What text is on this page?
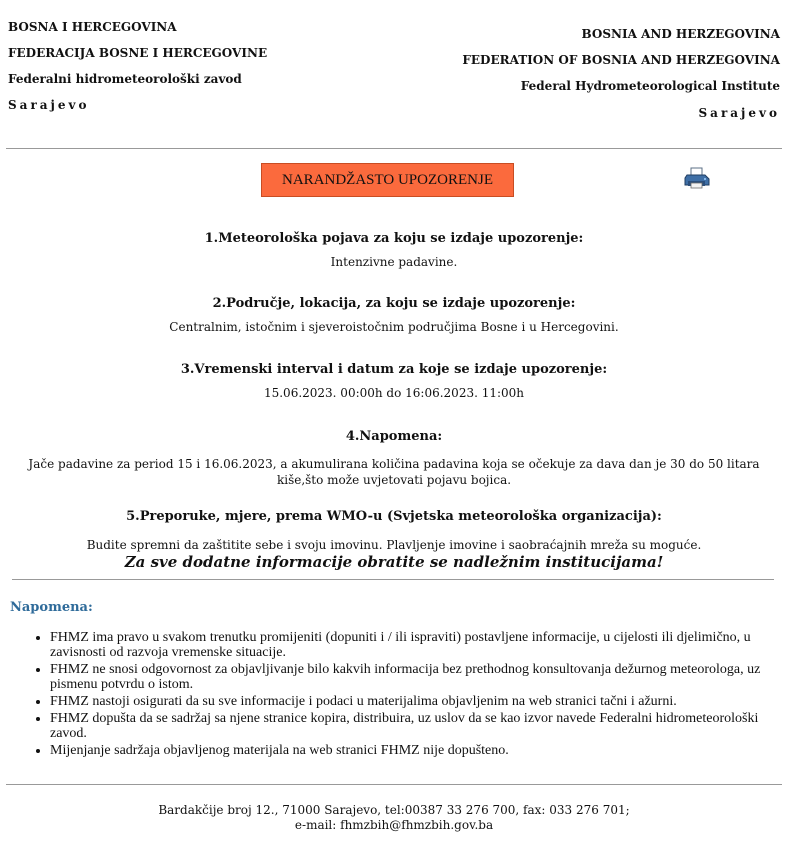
BOSNA I HERCEGOVINA
FEDERACIJA BOSNE I HERCEGOVINE
Federalni hidrometeorološki zavod
Sarajevo
BOSNIA AND HERZEGOVINA
FEDERATION OF BOSNIA AND HERZEGOVINA
Federal Hydrometeorological Institute
Sarajevo
NARANDŽASTO UPOZORENJE
1.Meteorološka pojava za koju se izdaje upozorenje:
Intenzivne padavine.
2.Područje, lokacija, za koju se izdaje upozorenje:
Centralnim, istočnim i sjeveroistočnim područjima Bosne i u Hercegovini.
3.Vremenski interval i datum za koje se izdaje upozorenje:
15.06.2023. 00:00h do 16:06.2023. 11:00h
4.Napomena:
Jače padavine za period 15 i 16.06.2023, a akumulirana količina padavina koja se očekuje za dava dan je 30 do 50 litara kiše,što može uvjetovati pojavu bojica.
5.Preporuke, mjere, prema WMO-u (Svjetska meteorološka organizacija):
Budite spremni da zaštitite sebe i svoju imovinu. Plavljenje imovine i saobraćajnih mreža su moguće.
Za sve dodatne informacije obratite se nadležnim institucijama!
Napomena:
• FHMZ ima pravo u svakom trenutku promijeniti (dopuniti i / ili ispraviti) postavljene informacije, u cijelosti ili djelimično, u zavisnosti od razvoja vremenske situacije.
• FHMZ ne snosi odgovornost za objavljivanje bilo kakvih informacija bez prethodnog konsultovanja dežurnog meteorologa, uz pismenu potvrdu o istom.
• FHMZ nastoji osigurati da su sve informacije i podaci u materijalima objavljenim na web stranici tačni i ažurni.
• FHMZ dopušta da se sadržaj sa njene stranice kopira, distribuira, uz uslov da se kao izvor navede Federalni hidrometeorološki zavod.
• Mijenjanje sadržaja objavljenog materijala na web stranici FHMZ nije dopušteno.
Bardakčije broj 12., 71000 Sarajevo, tel:00387 33 276 700, fax: 033 276 701;
e-mail: fhmzbih@fhmzbih.gov.ba
